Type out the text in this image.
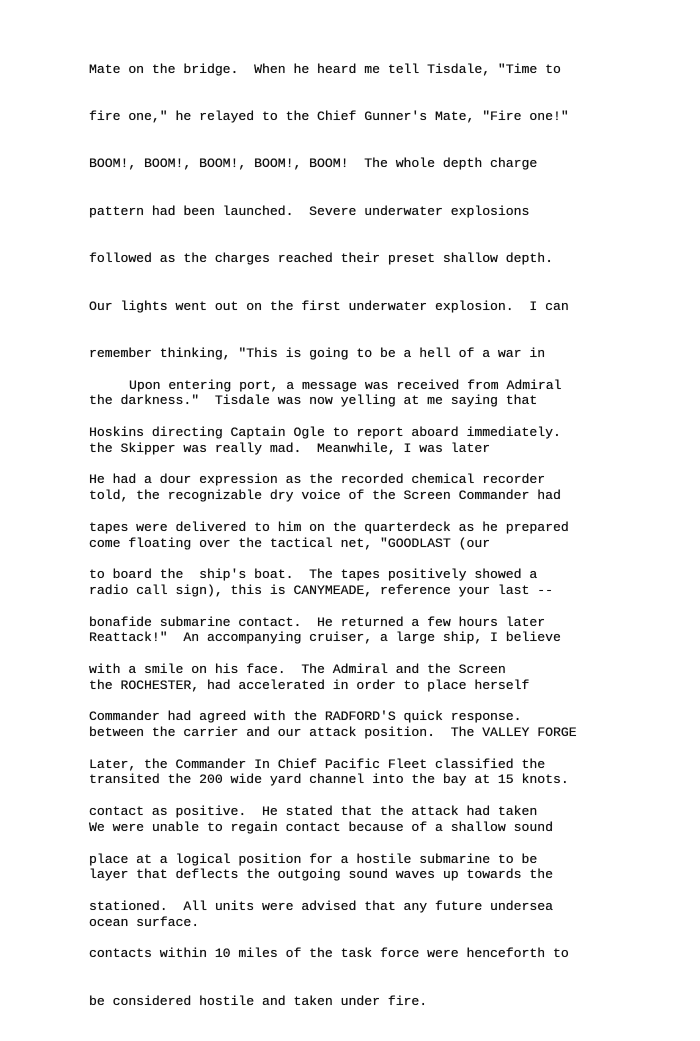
Mate on the bridge.  When he heard me tell Tisdale, "Time to

fire one," he relayed to the Chief Gunner's Mate, "Fire one!"

BOOM!, BOOM!, BOOM!, BOOM!, BOOM!  The whole depth charge

pattern had been launched.  Severe underwater explosions

followed as the charges reached their preset shallow depth.

Our lights went out on the first underwater explosion.  I can

remember thinking, "This is going to be a hell of a war in

the darkness."  Tisdale was now yelling at me saying that

the Skipper was really mad.  Meanwhile, I was later

told, the recognizable dry voice of the Screen Commander had

come floating over the tactical net, "GOODLAST (our

radio call sign), this is CANYMEADE, reference your last --

Reattack!"  An accompanying cruiser, a large ship, I believe

the ROCHESTER, had accelerated in order to place herself

between the carrier and our attack position.  The VALLEY FORGE

transited the 200 wide yard channel into the bay at 15 knots.

We were unable to regain contact because of a shallow sound

layer that deflects the outgoing sound waves up towards the

ocean surface.

Upon entering port, a message was received from Admiral

Hoskins directing Captain Ogle to report aboard immediately.

He had a dour expression as the recorded chemical recorder

tapes were delivered to him on the quarterdeck as he prepared

to board the  ship's boat.  The tapes positively showed a

bonafide submarine contact.  He returned a few hours later

with a smile on his face.  The Admiral and the Screen

Commander had agreed with the RADFORD'S quick response.

Later, the Commander In Chief Pacific Fleet classified the

contact as positive.  He stated that the attack had taken

place at a logical position for a hostile submarine to be

stationed.  All units were advised that any future undersea

contacts within 10 miles of the task force were henceforth to

be considered hostile and taken under fire.
